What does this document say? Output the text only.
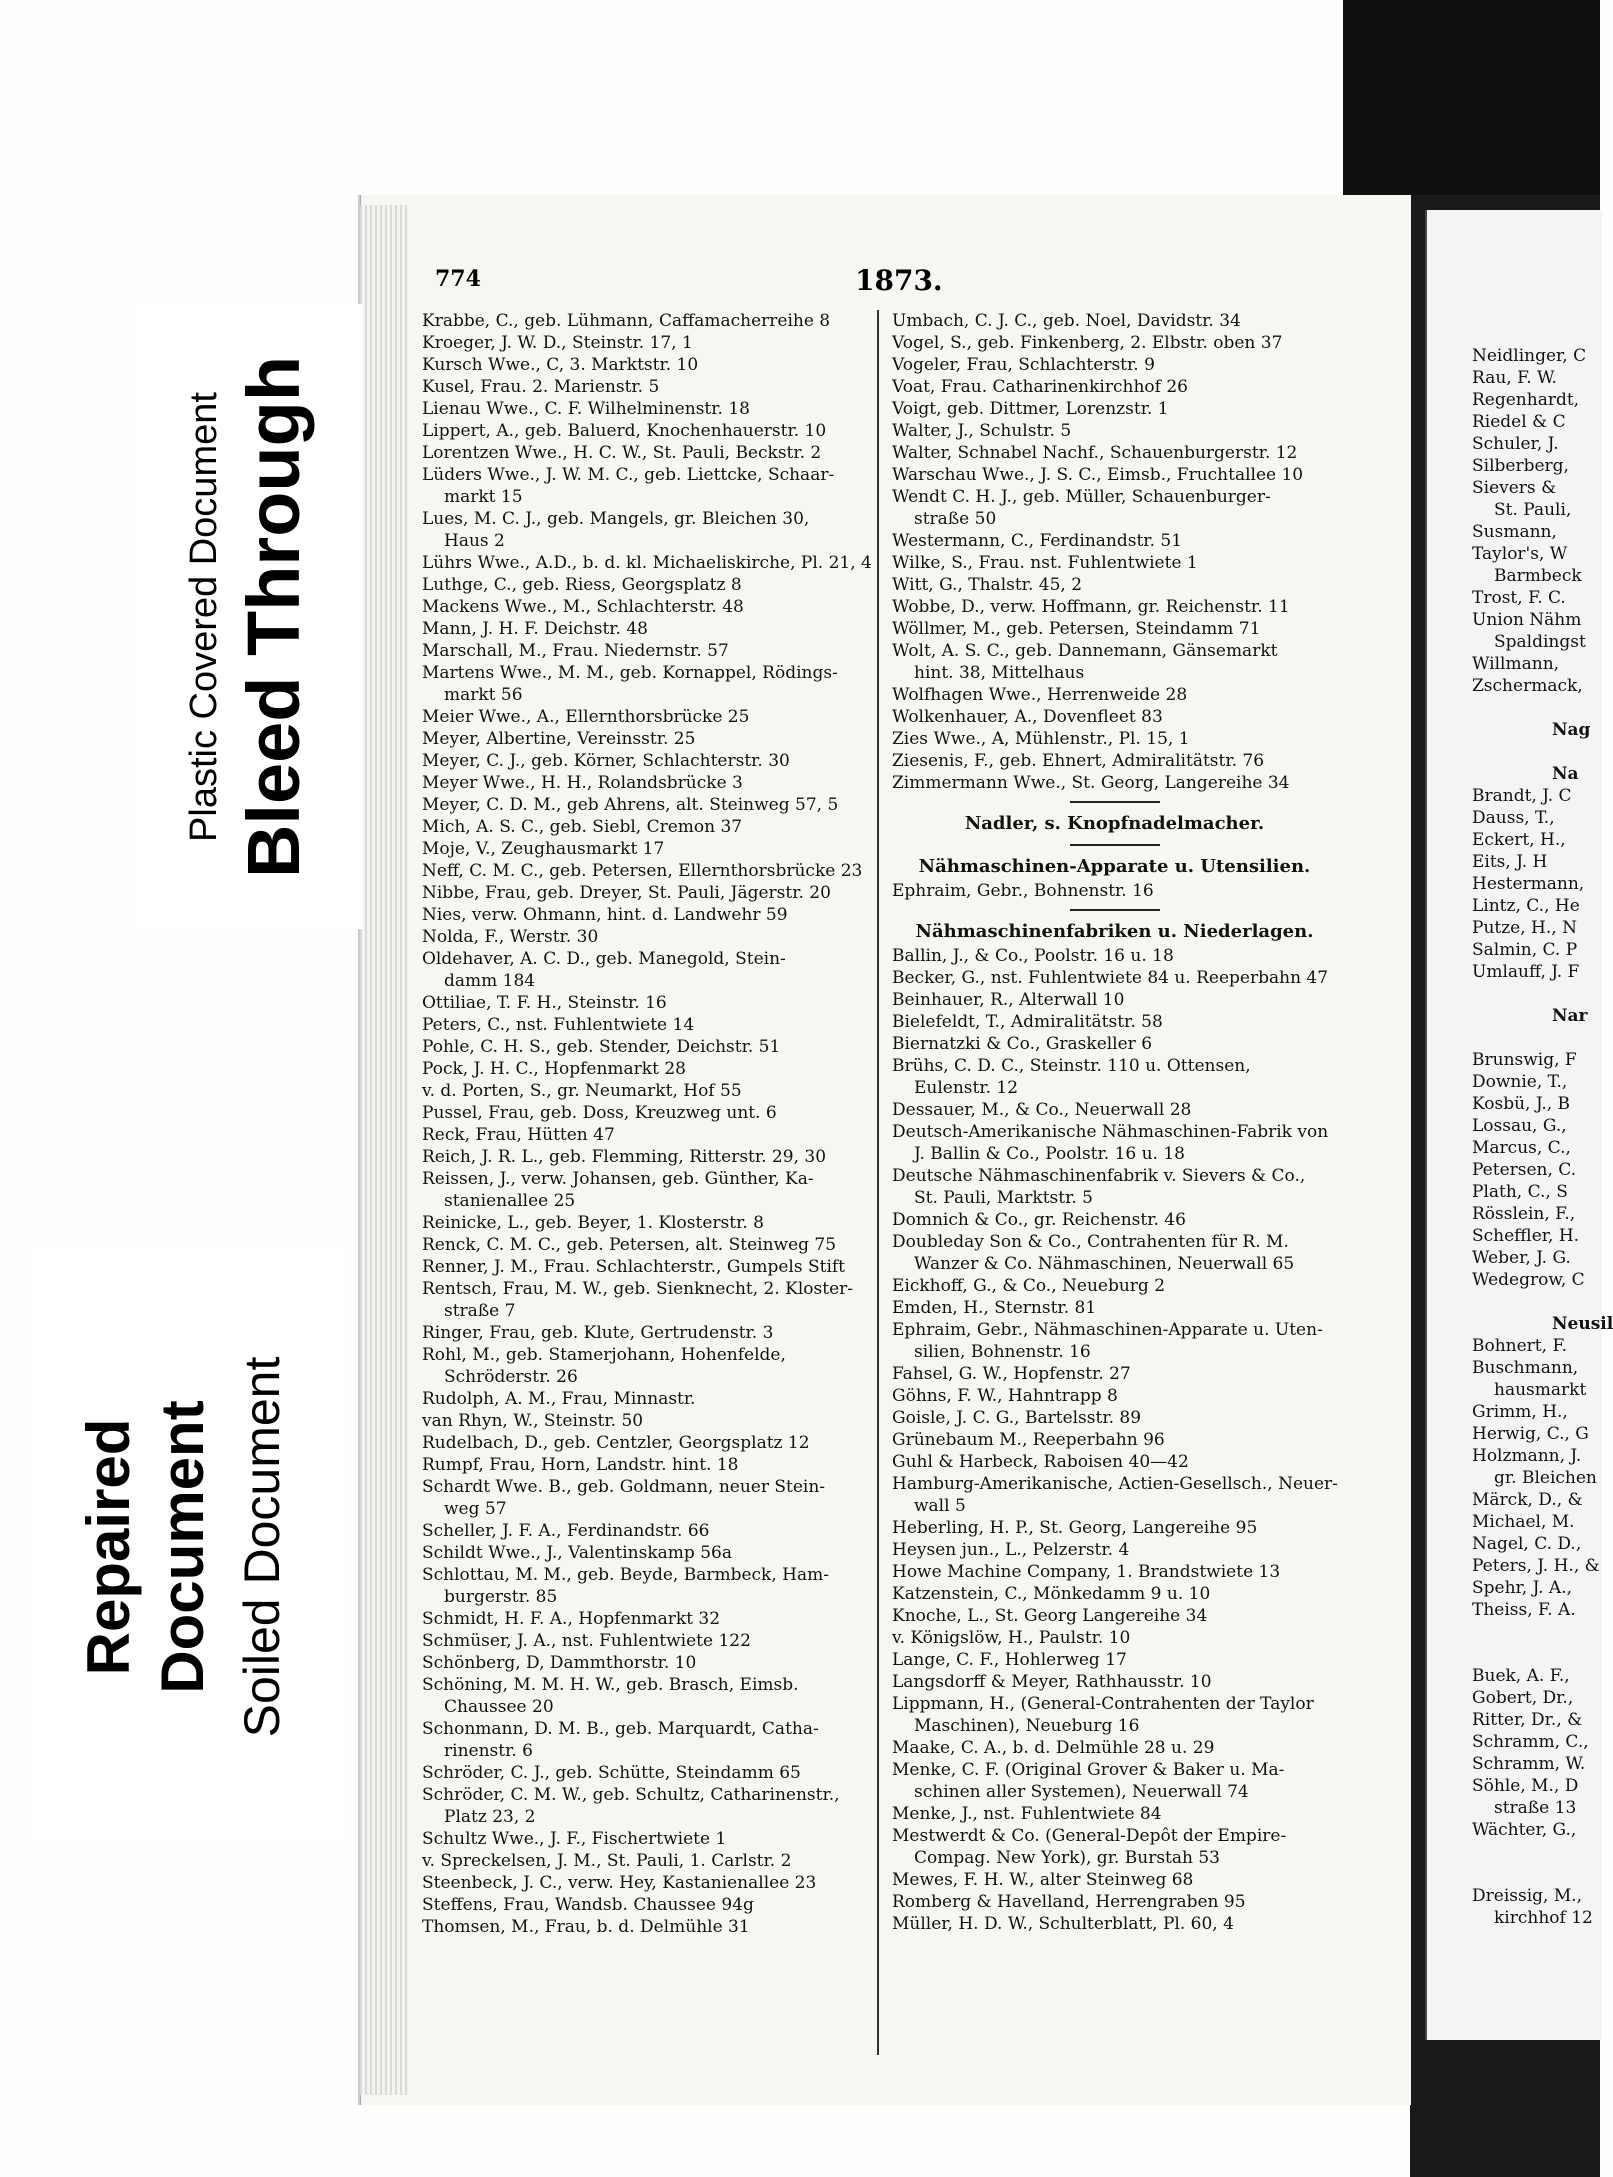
Plastic Covered Document Bleed Through
Repaired Document Soiled Document
774	1873.
Krabbe, C., geb. Lühmann, Caffamacherreihe 8
Kroeger, J. W. D., Steinstr. 17, 1
Kursch Wwe., C, 3. Marktstr. 10
Kusel, Frau. 2. Marienstr. 5
Lienau Wwe., C. F. Wilhelminenstr. 18
Lippert, A., geb. Baluerd, Knochenhauerstr. 10
Lorentzen Wwe., H. C. W., St. Pauli, Beckstr. 2
Lüders Wwe., J. W. M. C., geb. Liettcke, Schaar-
markt 15
Lues, M. C. J., geb. Mangels, gr. Bleichen 30,
Haus 2
Lührs Wwe., A.D., b. d. kl. Michaeliskirche, Pl. 21, 4
Luthge, C., geb. Riess, Georgsplatz 8
Mackens Wwe., M., Schlachterstr. 48
Mann, J. H. F. Deichstr. 48
Marschall, M., Frau. Niedernstr. 57
Martens Wwe., M. M., geb. Kornappel, Rödings-
markt 56
Meier Wwe., A., Ellernthorsbrücke 25
Meyer, Albertine, Vereinsstr. 25
Meyer, C. J., geb. Körner, Schlachterstr. 30
Meyer Wwe., H. H., Rolandsbrücke 3
Meyer, C. D. M., geb Ahrens, alt. Steinweg 57, 5
Mich, A. S. C., geb. Siebl, Cremon 37
Moje, V., Zeughausmarkt 17
Neff, C. M. C., geb. Petersen, Ellernthorsbrücke 23
Nibbe, Frau, geb. Dreyer, St. Pauli, Jägerstr. 20
Nies, verw. Ohmann, hint. d. Landwehr 59
Nolda, F., Werstr. 30
Oldehaver, A. C. D., geb. Manegold, Stein-
damm 184
Ottiliae, T. F. H., Steinstr. 16
Peters, C., nst. Fuhlentwiete 14
Pohle, C. H. S., geb. Stender, Deichstr. 51
Pock, J. H. C., Hopfenmarkt 28
v. d. Porten, S., gr. Neumarkt, Hof 55
Pussel, Frau, geb. Doss, Kreuzweg unt. 6
Reck, Frau, Hütten 47
Reich, J. R. L., geb. Flemming, Ritterstr. 29, 30
Reissen, J., verw. Johansen, geb. Günther, Ka-
stanienallee 25
Reinicke, L., geb. Beyer, 1. Klosterstr. 8
Renck, C. M. C., geb. Petersen, alt. Steinweg 75
Renner, J. M., Frau. Schlachterstr., Gumpels Stift
Rentsch, Frau, M. W., geb. Sienknecht, 2. Kloster-
straße 7
Ringer, Frau, geb. Klute, Gertrudenstr. 3
Rohl, M., geb. Stamerjohann, Hohenfelde,
Schröderstr. 26
Rudolph, A. M., Frau, Minnastr.
van Rhyn, W., Steinstr. 50
Rudelbach, D., geb. Centzler, Georgsplatz 12
Rumpf, Frau, Horn, Landstr. hint. 18
Schardt Wwe. B., geb. Goldmann, neuer Stein-
weg 57
Scheller, J. F. A., Ferdinandstr. 66
Schildt Wwe., J., Valentinskamp 56a
Schlottau, M. M., geb. Beyde, Barmbeck, Ham-
burgerstr. 85
Schmidt, H. F. A., Hopfenmarkt 32
Schmüser, J. A., nst. Fuhlentwiete 122
Schönberg, D, Dammthorstr. 10
Schöning, M. M. H. W., geb. Brasch, Eimsb.
Chaussee 20
Schonmann, D. M. B., geb. Marquardt, Catha-
rinenstr. 6
Schröder, C. J., geb. Schütte, Steindamm 65
Schröder, C. M. W., geb. Schultz, Catharinenstr.,
Platz 23, 2
Schultz Wwe., J. F., Fischertwiete 1
v. Spreckelsen, J. M., St. Pauli, 1. Carlstr. 2
Steenbeck, J. C., verw. Hey, Kastanienallee 23
Steffens, Frau, Wandsb. Chaussee 94g
Thomsen, M., Frau, b. d. Delmühle 31
Umbach, C. J. C., geb. Noel, Davidstr. 34
Vogel, S., geb. Finkenberg, 2. Elbstr. oben 37
Vogeler, Frau, Schlachterstr. 9
Voat, Frau. Catharinenkirchhof 26
Voigt, geb. Dittmer, Lorenzstr. 1
Walter, J., Schulstr. 5
Walter, Schnabel Nachf., Schauenburgerstr. 12
Warschau Wwe., J. S. C., Eimsb., Fruchtallee 10
Wendt C. H. J., geb. Müller, Schauenburger-
straße 50
Westermann, C., Ferdinandstr. 51
Wilke, S., Frau. nst. Fuhlentwiete 1
Witt, G., Thalstr. 45, 2
Wobbe, D., verw. Hoffmann, gr. Reichenstr. 11
Wöllmer, M., geb. Petersen, Steindamm 71
Wolt, A. S. C., geb. Dannemann, Gänsemarkt
hint. 38, Mittelhaus
Wolfhagen Wwe., Herrenweide 28
Wolkenhauer, A., Dovenfleet 83
Zies Wwe., A, Mühlenstr., Pl. 15, 1
Ziesenis, F., geb. Ehnert, Admiralitätstr. 76
Zimmermann Wwe., St. Georg, Langereihe 34
Nadler, s. Knopfnadelmacher.
Nähmaschinen-Apparate u. Utensilien.
Ephraim, Gebr., Bohnenstr. 16
Nähmaschinenfabriken u. Niederlagen.
Ballin, J., & Co., Poolstr. 16 u. 18
Becker, G., nst. Fuhlentwiete 84 u. Reeperbahn 47
Beinhauer, R., Alterwall 10
Bielefeldt, T., Admiralitätstr. 58
Biernatzki & Co., Graskeller 6
Brühs, C. D. C., Steinstr. 110 u. Ottensen,
Eulenstr. 12
Dessauer, M., & Co., Neuerwall 28
Deutsch-Amerikanische Nähmaschinen-Fabrik von
J. Ballin & Co., Poolstr. 16 u. 18
Deutsche Nähmaschinenfabrik v. Sievers & Co.,
St. Pauli, Marktstr. 5
Domnich & Co., gr. Reichenstr. 46
Doubleday Son & Co., Contrahenten für R. M.
Wanzer & Co. Nähmaschinen, Neuerwall 65
Eickhoff, G., & Co., Neueburg 2
Emden, H., Sternstr. 81
Ephraim, Gebr., Nähmaschinen-Apparate u. Uten-
silien, Bohnenstr. 16
Fahsel, G. W., Hopfenstr. 27
Göhns, F. W., Hahntrapp 8
Goisle, J. C. G., Bartelsstr. 89
Grünebaum M., Reeperbahn 96
Guhl & Harbeck, Raboisen 40—42
Hamburg-Amerikanische, Actien-Gesellsch., Neuer-
wall 5
Heberling, H. P., St. Georg, Langereihe 95
Heysen jun., L., Pelzerstr. 4
Howe Machine Company, 1. Brandstwiete 13
Katzenstein, C., Mönkedamm 9 u. 10
Knoche, L., St. Georg Langereihe 34
v. Königslöw, H., Paulstr. 10
Lange, C. F., Hohlerweg 17
Langsdorff & Meyer, Rathhausstr. 10
Lippmann, H., (General-Contrahenten der Taylor
Maschinen), Neueburg 16
Maake, C. A., b. d. Delmühle 28 u. 29
Menke, C. F. (Original Grover & Baker u. Ma-
schinen aller Systemen), Neuerwall 74
Menke, J., nst. Fuhlentwiete 84
Mestwerdt & Co. (General-Depôt der Empire-
Compag. New York), gr. Burstah 53
Mewes, F. H. W., alter Steinweg 68
Romberg & Havelland, Herrengraben 95
Müller, H. D. W., Schulterblatt, Pl. 60, 4
Neidlinger, C
Rau, F. W.
Regenhardt,
Riedel & C
Schuler, J.
Silberberg,
Sievers &
St. Pauli,
Susmann,
Taylor's, W
Barmbeck
Trost, F. C.
Union Nähm
Spaldingst
Willmann,
Zschermack,
Nag
Na
Brandt, J. C
Dauss, T.,
Eckert, H.,
Eits, J. H
Hestermann,
Lintz, C., He
Putze, H., N
Salmin, C. P
Umlauff, J. F
Nar
Brunswig, F
Downie, T.,
Kosbü, J., B
Lossau, G.,
Marcus, C.,
Petersen, C.
Plath, C., S
Rösslein, F.,
Scheffler, H.
Weber, J. G.
Wedegrow, C
Neusil
Bohnert, F.
Buschmann,
hausmarkt
Grimm, H.,
Herwig, C., G
Holzmann, J.
gr. Bleichen
Märck, D., &
Michael, M.
Nagel, C. D.,
Peters, J. H., &
Spehr, J. A.,
Theiss, F. A.
Buek, A. F.,
Gobert, Dr.,
Ritter, Dr., &
Schramm, C.,
Schramm, W.
Söhle, M., D
straße 13
Wächter, G.,
Dreissig, M.,
kirchhof 12
